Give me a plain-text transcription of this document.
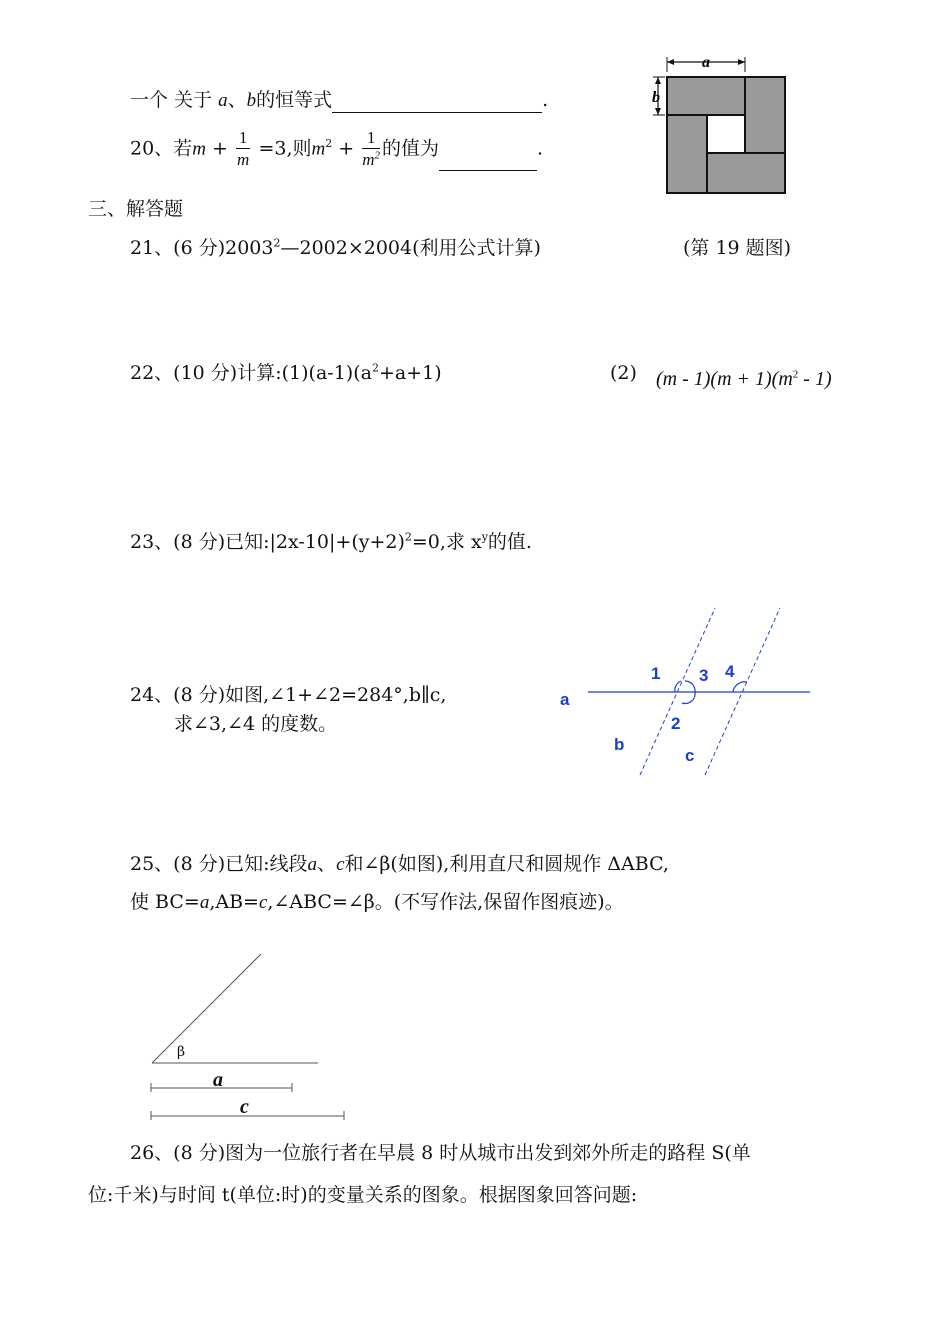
一个 关于 a、b的恒等式	.
20、若$m + \frac{1}{m} =3$,则$m^2 + \frac{1}{m^2}$ 的值为	.
a
b
三、解答题
21、(6 分)$2003^2—2002\times 2004$(利用公式计算)	(第 19 题图)
22、(10 分)计算$:(1)(a-1)(a^2+a+1)$	(2) $(m - 1)(m + 1)(m^2 - 1)$
23、(8 分)已知$:|2x-10|+(y+2)^2=0$,求 $x^y$的值.
24、(8 分)如图,∠1+∠2=284°,b∥c,
求∠3,∠4 的度数。
1 3 4
2
a
b
c
25、(8 分)已知:线段a、c和∠β(如图),利用直尺和圆规作 ΔABC,
使 BC=a,AB=c,∠ABC=∠β。(不写作法,保留作图痕迹)。
β
a
c
26、(8 分)图为一位旅行者在早晨 8 时从城市出发到郊外所走的路程 S(单
位:千米)与时间 t(单位:时)的变量关系的图象。根据图象回答问题:
